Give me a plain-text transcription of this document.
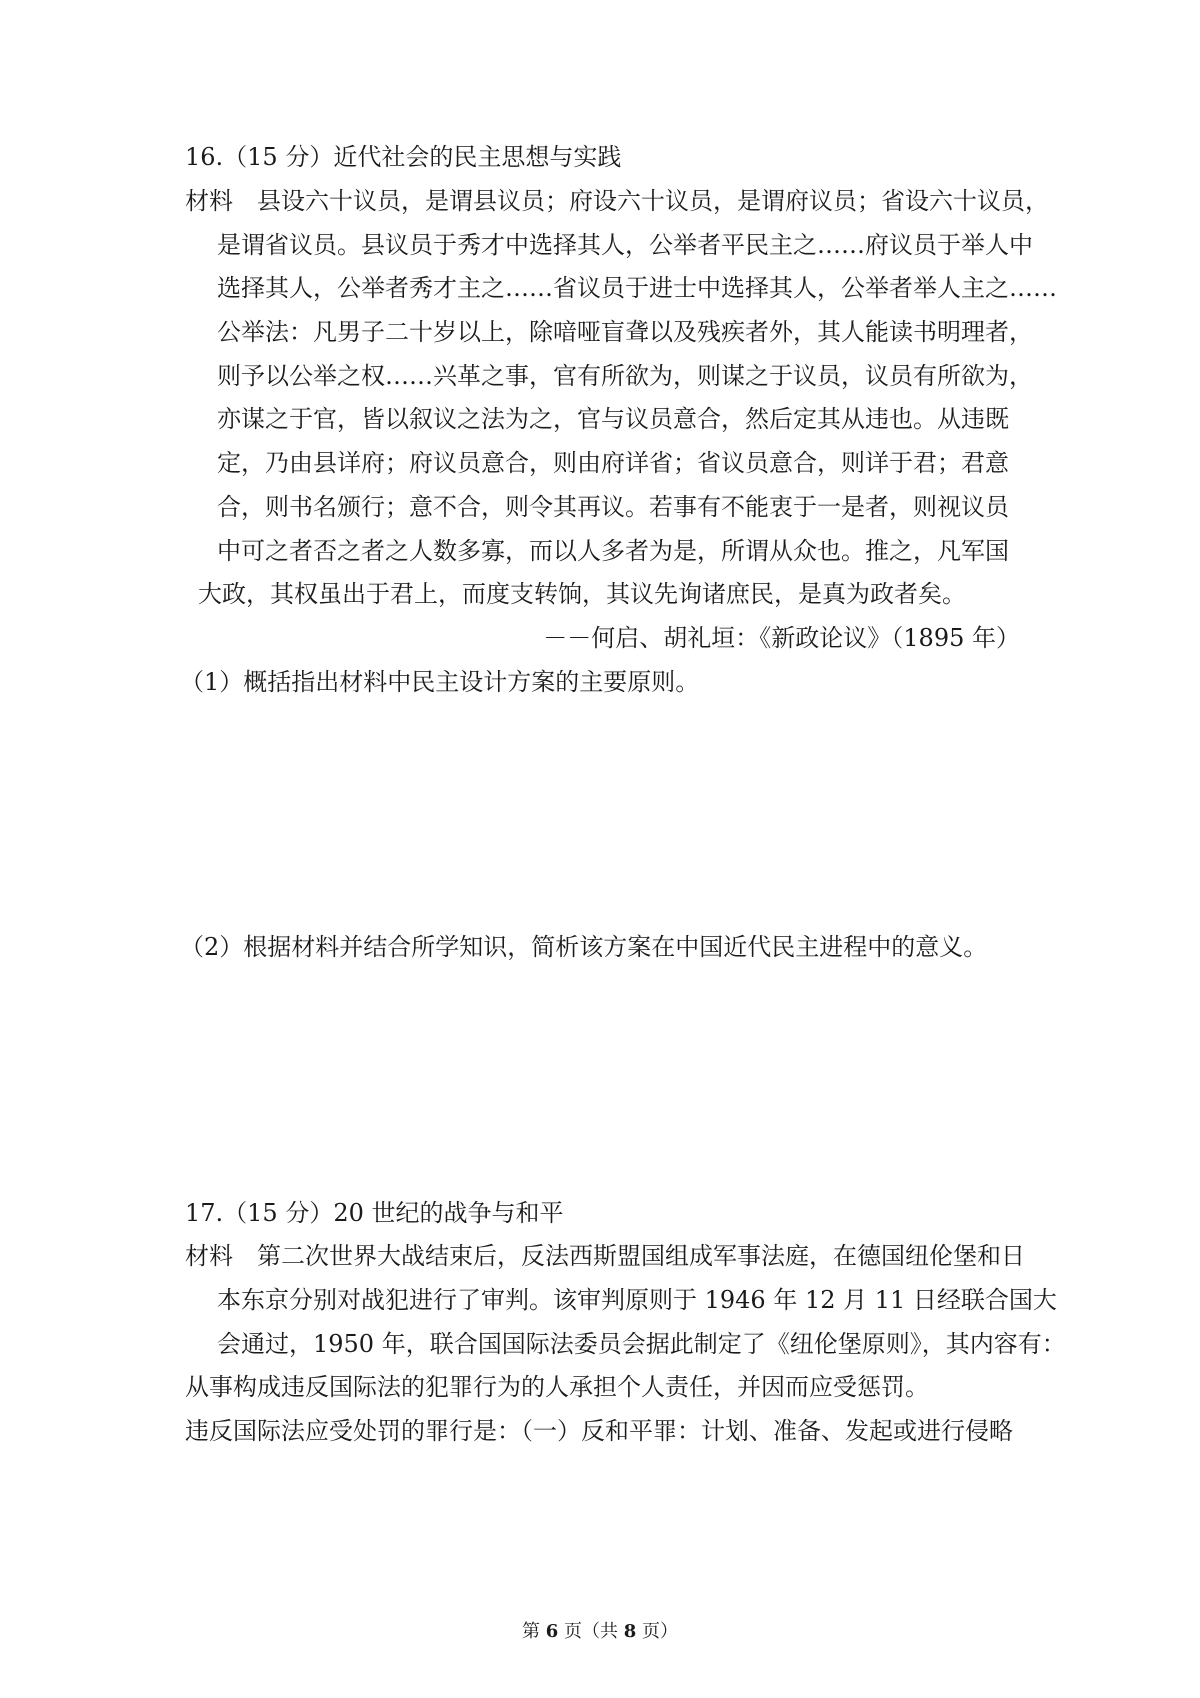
16.（15 分）近代社会的民主思想与实践
材料　县设六十议员，是谓县议员；府设六十议员，是谓府议员；省设六十议员，
是谓省议员。县议员于秀才中选择其人，公举者平民主之……府议员于举人中
选择其人，公举者秀才主之……省议员于进士中选择其人，公举者举人主之……
公举法：凡男子二十岁以上，除喑哑盲聋以及残疾者外，其人能读书明理者，
则予以公举之权……兴革之事，官有所欲为，则谋之于议员，议员有所欲为，
亦谋之于官，皆以叙议之法为之，官与议员意合，然后定其从违也。从违既
定，乃由县详府；府议员意合，则由府详省；省议员意合，则详于君；君意
合，则书名颁行；意不合，则令其再议。若事有不能衷于一是者，则视议员
中可之者否之者之人数多寡，而以人多者为是，所谓从众也。推之，凡军国
大政，其权虽出于君上，而度支转饷，其议先询诸庶民，是真为政者矣。
－－何启、胡礼垣：《新政论议》（1895 年）
（1）概括指出材料中民主设计方案的主要原则。
（2）根据材料并结合所学知识，简析该方案在中国近代民主进程中的意义。
17.（15 分）20 世纪的战争与和平
材料　第二次世界大战结束后，反法西斯盟国组成军事法庭，在德国纽伦堡和日
本东京分别对战犯进行了审判。该审判原则于 1946 年 12 月 11 日经联合国大
会通过，1950 年，联合国国际法委员会据此制定了《纽伦堡原则》，其内容有：
从事构成违反国际法的犯罪行为的人承担个人责任，并因而应受惩罚。
违反国际法应受处罚的罪行是：（一）反和平罪：计划、准备、发起或进行侵略
第 6 页（共 8 页）
